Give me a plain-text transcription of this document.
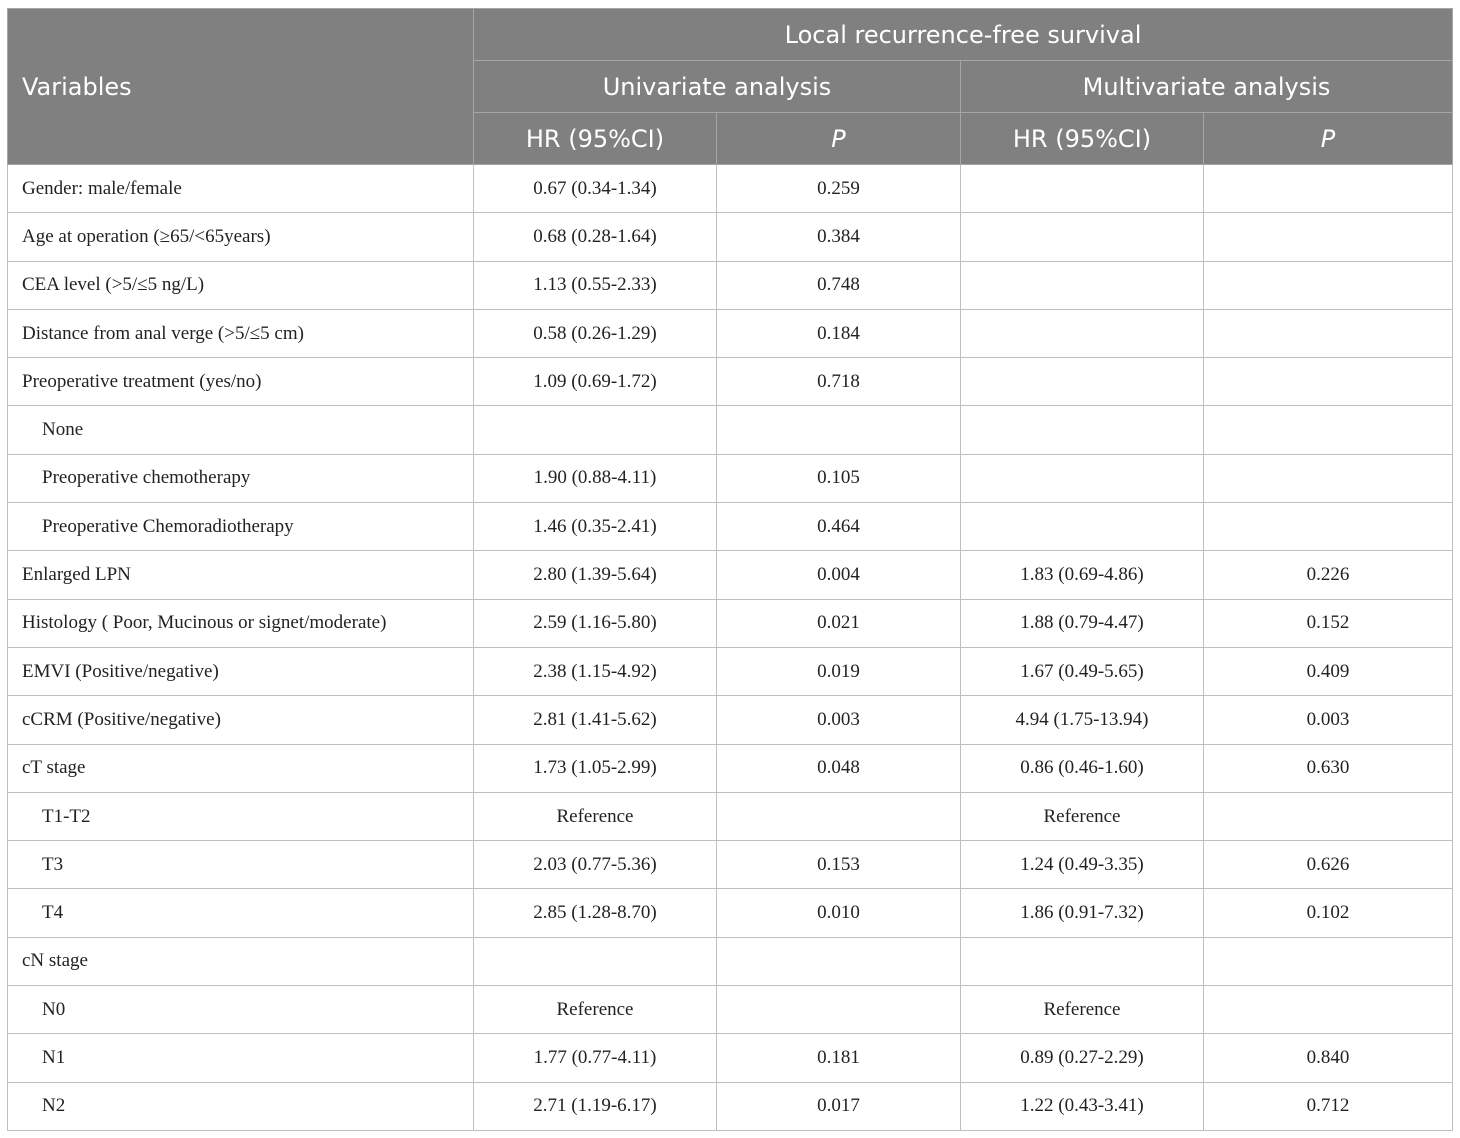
Variables	Local recurrence-free survival			
	Univariate analysis		Multivariate analysis	
	HR (95%CI)	P	HR (95%CI)	P
Gender: male/female	0.67 (0.34-1.34)	0.259		
Age at operation (≥65/<65years)	0.68 (0.28-1.64)	0.384		
CEA level (>5/≤5 ng/L)	1.13 (0.55-2.33)	0.748		
Distance from anal verge (>5/≤5 cm)	0.58 (0.26-1.29)	0.184		
Preoperative treatment (yes/no)	1.09 (0.69-1.72)	0.718		
None				
Preoperative chemotherapy	1.90 (0.88-4.11)	0.105		
Preoperative Chemoradiotherapy	1.46 (0.35-2.41)	0.464		
Enlarged LPN	2.80 (1.39-5.64)	0.004	1.83 (0.69-4.86)	0.226
Histology ( Poor, Mucinous or signet/moderate)	2.59 (1.16-5.80)	0.021	1.88 (0.79-4.47)	0.152
EMVI (Positive/negative)	2.38 (1.15-4.92)	0.019	1.67 (0.49-5.65)	0.409
cCRM (Positive/negative)	2.81 (1.41-5.62)	0.003	4.94 (1.75-13.94)	0.003
cT stage	1.73 (1.05-2.99)	0.048	0.86 (0.46-1.60)	0.630
T1-T2	Reference		Reference	
T3	2.03 (0.77-5.36)	0.153	1.24 (0.49-3.35)	0.626
T4	2.85 (1.28-8.70)	0.010	1.86 (0.91-7.32)	0.102
cN stage				
N0	Reference		Reference	
N1	1.77 (0.77-4.11)	0.181	0.89 (0.27-2.29)	0.840
N2	2.71 (1.19-6.17)	0.017	1.22 (0.43-3.41)	0.712
